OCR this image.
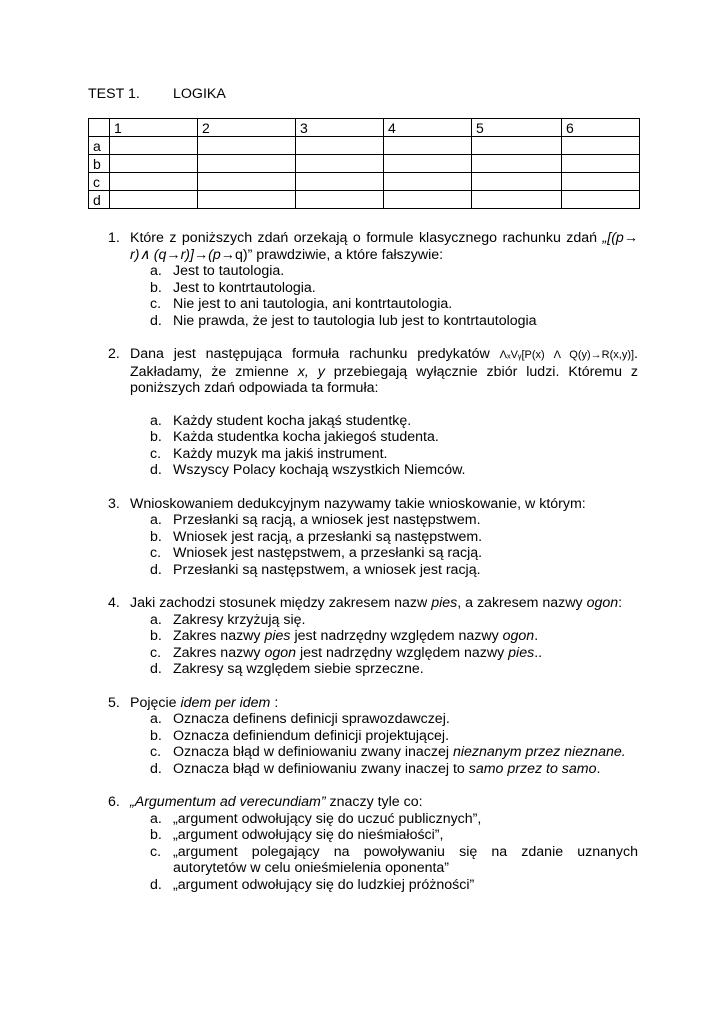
TEST 1. LOGIKA
	1	2	3	4	5	6
a						
b						
c						
d						
1. Które z poniższych zdań orzekają o formule klasycznego rachunku zdań „[(p→ r)∧ (q→r)]→(p→q)” prawdziwie, a które fałszywie:
a. Jest to tautologia.
b. Jest to kontrtautologia.
c. Nie jest to ani tautologia, ani kontrtautologia.
d. Nie prawda, że jest to tautologia lub jest to kontrtautologia
2. Dana jest następująca formuła rachunku predykatów ΛₓVᵧ[P(x) Λ Q(y)→R(x,y)]. Zakładamy, że zmienne x, y przebiegają wyłącznie zbiór ludzi. Któremu z poniższych zdań odpowiada ta formuła:
a. Każdy student kocha jakąś studentkę.
b. Każda studentka kocha jakiegoś studenta.
c. Każdy muzyk ma jakiś instrument.
d. Wszyscy Polacy kochają wszystkich Niemców.
3. Wnioskowaniem dedukcyjnym nazywamy takie wnioskowanie, w którym:
a. Przesłanki są racją, a wniosek jest następstwem.
b. Wniosek jest racją, a przesłanki są następstwem.
c. Wniosek jest następstwem, a przesłanki są racją.
d. Przesłanki są następstwem, a wniosek jest racją.
4. Jaki zachodzi stosunek między zakresem nazw pies, a zakresem nazwy ogon:
a. Zakresy krzyżują się.
b. Zakres nazwy pies jest nadrzędny względem nazwy ogon.
c. Zakres nazwy ogon jest nadrzędny względem nazwy pies..
d. Zakresy są względem siebie sprzeczne.
5. Pojęcie idem per idem :
a. Oznacza definens definicji sprawozdawczej.
b. Oznacza definiendum definicji projektującej.
c. Oznacza błąd w definiowaniu zwany inaczej nieznanym przez nieznane.
d. Oznacza błąd w definiowaniu zwany inaczej to samo przez to samo.
6. „Argumentum ad verecundiam” znaczy tyle co:
a. „argument odwołujący się do uczuć publicznych”,
b. „argument odwołujący się do nieśmiałości”,
c. „argument polegający na powoływaniu się na zdanie uznanych autorytetów w celu onieśmielenia oponenta”
d. „argument odwołujący się do ludzkiej próżności”
